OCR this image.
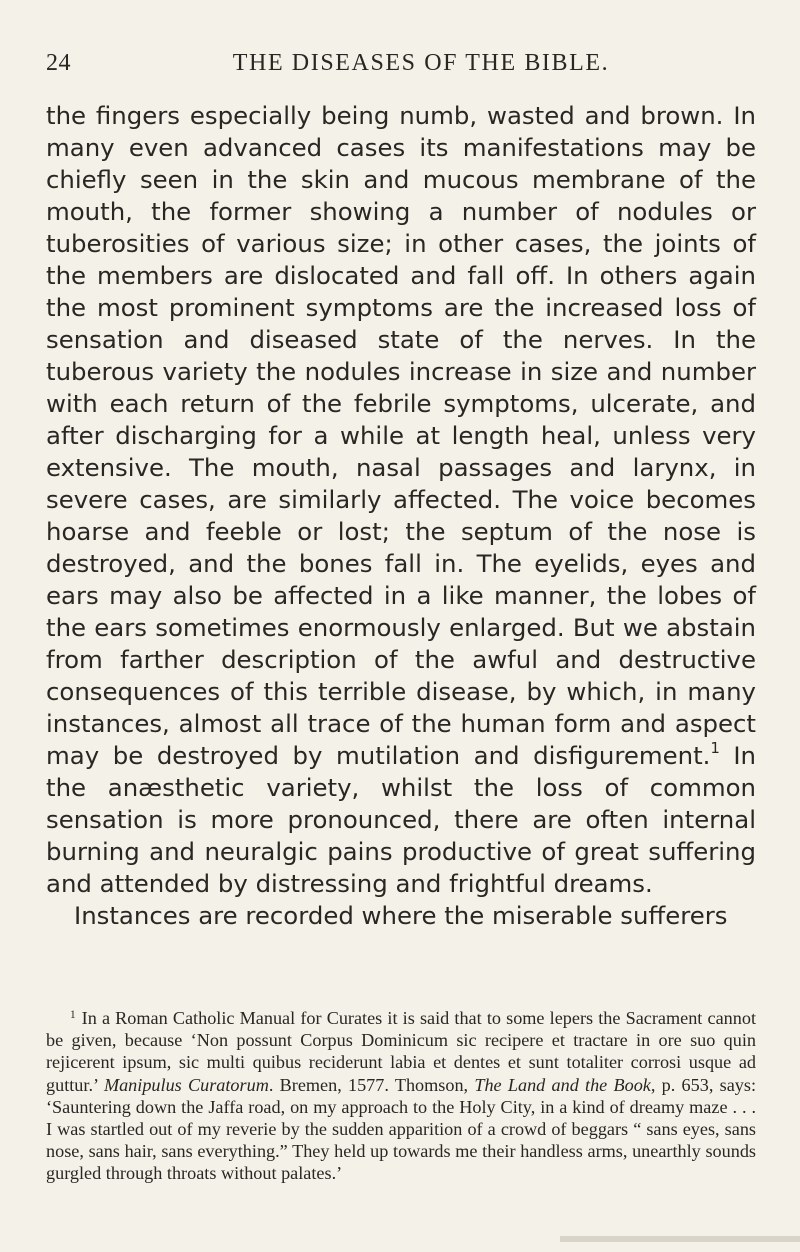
24	THE DISEASES OF THE BIBLE.

the fingers especially being numb, wasted and brown. In many even advanced cases its manifestations may be chiefly seen in the skin and mucous membrane of the mouth, the former showing a number of nodules or tuberosities of various size; in other cases, the joints of the members are dislocated and fall off. In others again the most prominent symptoms are the increased loss of sensation and diseased state of the nerves. In the tuberous variety the nodules increase in size and number with each return of the febrile symptoms, ulcerate, and after discharging for a while at length heal, unless very extensive. The mouth, nasal passages and larynx, in severe cases, are similarly affected. The voice becomes hoarse and feeble or lost; the septum of the nose is destroyed, and the bones fall in. The eyelids, eyes and ears may also be affected in a like manner, the lobes of the ears sometimes enormously enlarged. But we abstain from farther description of the awful and destructive consequences of this terrible disease, by which, in many instances, almost all trace of the human form and aspect may be destroyed by mutilation and disfigurement.$^1$ In the anæsthetic variety, whilst the loss of common sensation is more pronounced, there are often internal burning and neuralgic pains productive of great suffering and attended by distressing and frightful dreams.

Instances are recorded where the miserable sufferers

$^1$ In a Roman Catholic Manual for Curates it is said that to some lepers the Sacrament cannot be given, because ‘Non possunt Corpus Dominicum sic recipere et tractare in ore suo quin rejicerent ipsum, sic multi quibus reciderunt labia et dentes et sunt totaliter corrosi usque ad guttur.’ Manipulus Curatorum. Bremen, 1577. Thomson, The Land and the Book, p. 653, says: ‘Sauntering down the Jaffa road, on my approach to the Holy City, in a kind of dreamy maze . . . I was startled out of my reverie by the sudden apparition of a crowd of beggars “ sans eyes, sans nose, sans hair, sans everything.” They held up towards me their handless arms, unearthly sounds gurgled through throats without palates.’
